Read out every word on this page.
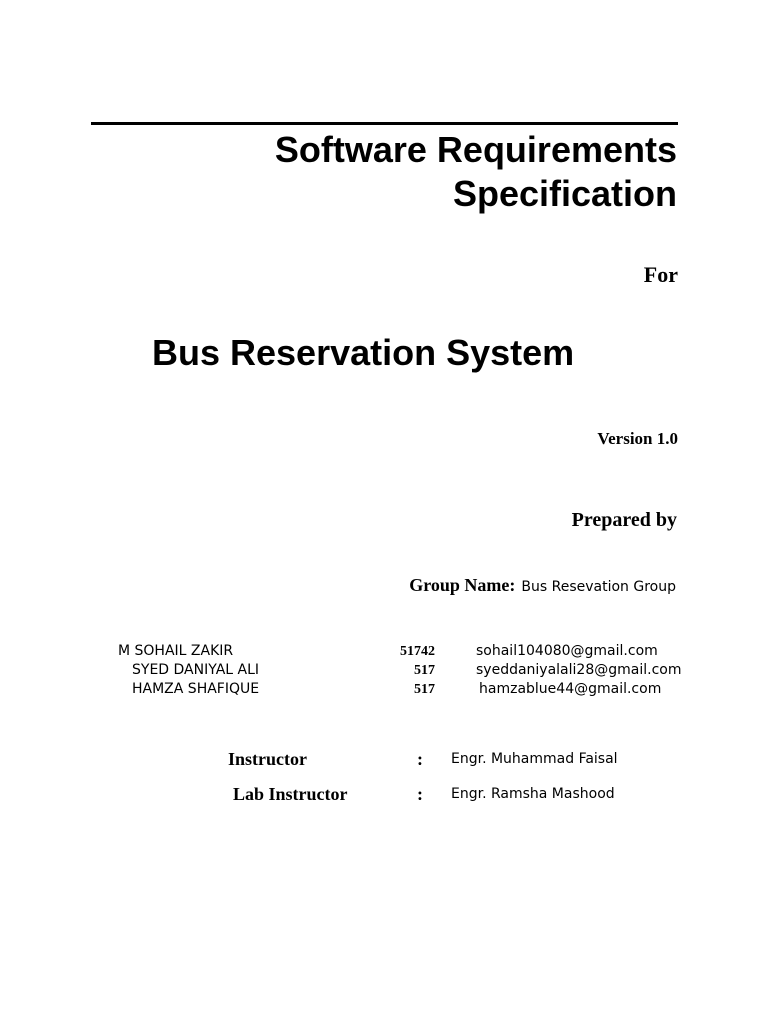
Software Requirements
Specification
For
Bus Reservation System
Version 1.0
Prepared by
Group Name: Bus Resevation Group
M SOHAIL ZAKIR	51742	sohail104080@gmail.com
SYED DANIYAL ALI	517	syeddaniyalali28@gmail.com
HAMZA SHAFIQUE	517	hamzablue44@gmail.com
Instructor	: Engr. Muhammad Faisal
Lab Instructor	: Engr. Ramsha Mashood
